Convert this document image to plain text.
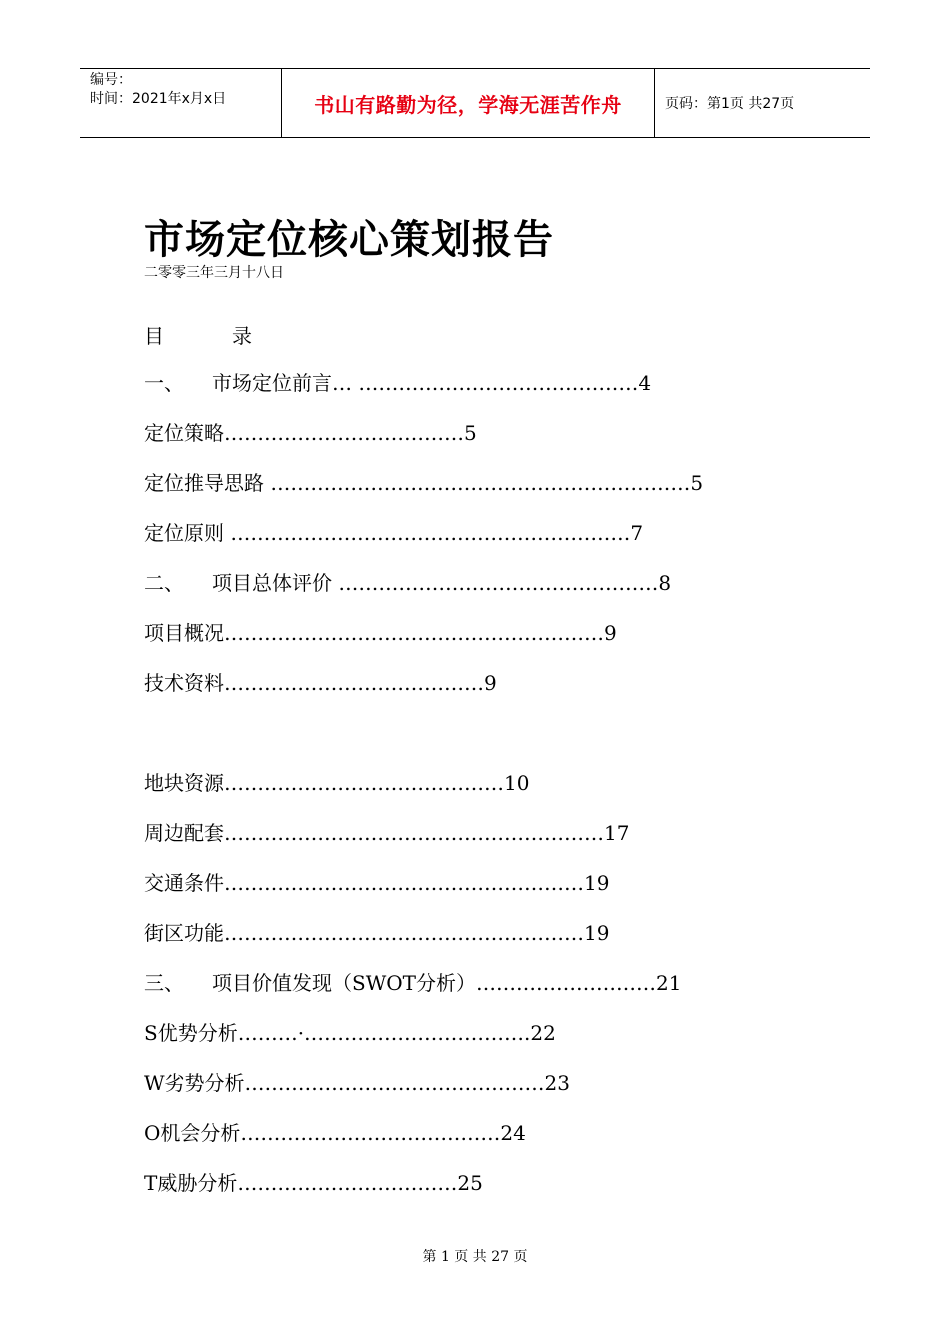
编号：
时间：2021年x月x日	书山有路勤为径，学海无涯苦作舟	页码：第1页 共27页
市场定位核心策划报告
二零零三年三月十八日
目	录
一、 市场定位前言… ……………………………………4
定位策略………………………………5
定位推导思路 ………………………………………………………5
定位原则 ……………………………………………………7
二、 项目总体评价 …………………………………………8
项目概况…………………………………………………9
技术资料…………………………………9
地块资源……………………………………10
周边配套…………………………………………………17
交通条件………………………………………………19
街区功能………………………………………………19
三、 项目价值发现（SWOT分析）………………………21
S优势分析………·…………………………….22
W劣势分析………………………………………23
O机会分析…………………………………24
T威胁分析……………………………25
第 1 页 共 27 页
